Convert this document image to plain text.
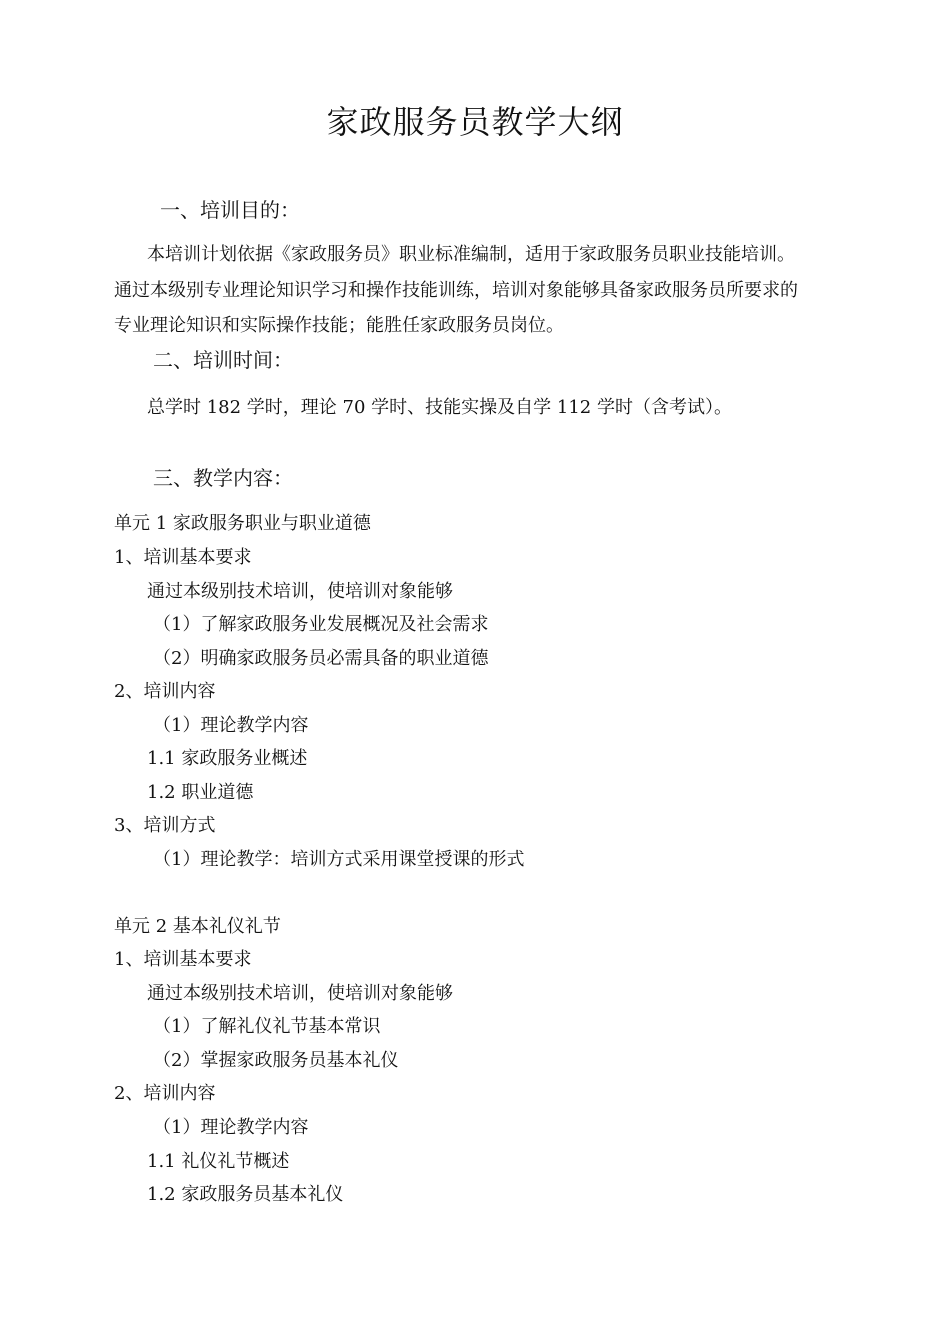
家政服务员教学大纲
一、培训目的：
本培训计划依据《家政服务员》职业标准编制，适用于家政服务员职业技能培训。
通过本级别专业理论知识学习和操作技能训练，培训对象能够具备家政服务员所要求的
专业理论知识和实际操作技能；能胜任家政服务员岗位。
二、培训时间：
总学时 182 学时，理论 70 学时、技能实操及自学 112 学时（含考试）。
三、教学内容：
单元 1 家政服务职业与职业道德
1、培训基本要求
通过本级别技术培训，使培训对象能够
（1）了解家政服务业发展概况及社会需求
（2）明确家政服务员必需具备的职业道德
2、培训内容
（1）理论教学内容
1.1 家政服务业概述
1.2 职业道德
3、培训方式
（1）理论教学：培训方式采用课堂授课的形式
单元 2 基本礼仪礼节
1、培训基本要求
通过本级别技术培训，使培训对象能够
（1）了解礼仪礼节基本常识
（2）掌握家政服务员基本礼仪
2、培训内容
（1）理论教学内容
1.1 礼仪礼节概述
1.2 家政服务员基本礼仪
